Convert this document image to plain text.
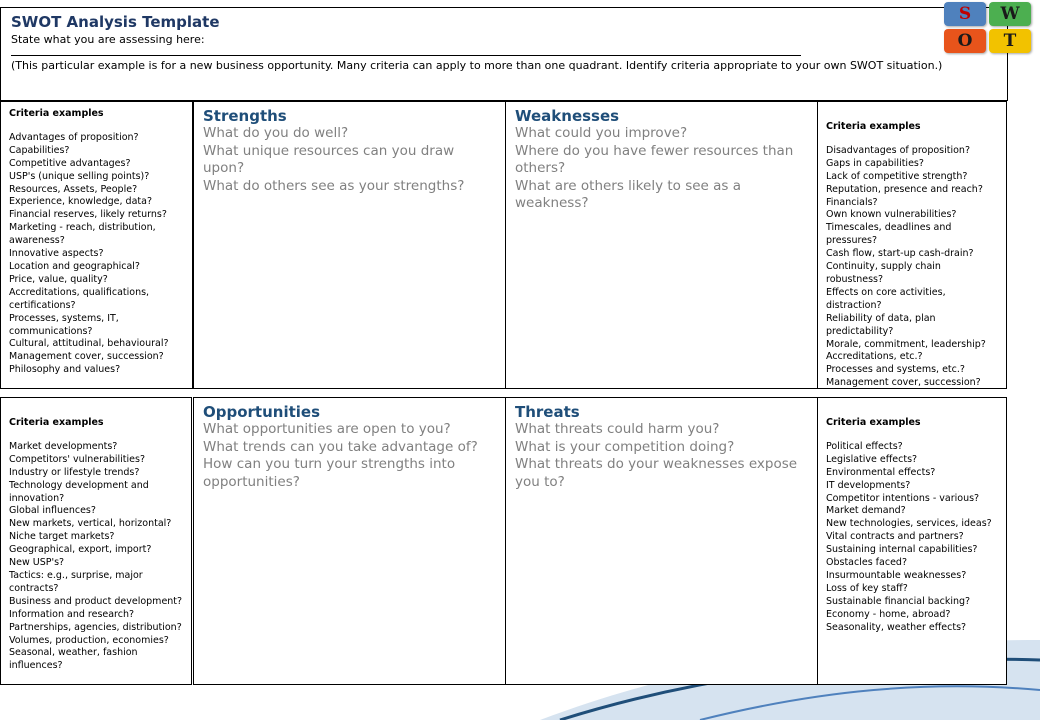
SWOT Analysis Template
State what you are assessing here:
(This particular example is for a new business opportunity. Many criteria can apply to more than one quadrant. Identify criteria appropriate to your own SWOT situation.)
S	W
O	T
Criteria examples
Advantages of proposition?
Capabilities?
Competitive advantages?
USP's (unique selling points)?
Resources, Assets, People?
Experience, knowledge, data?
Financial reserves, likely returns?
Marketing - reach, distribution, awareness?
Innovative aspects?
Location and geographical?
Price, value, quality?
Accreditations, qualifications, certifications?
Processes, systems, IT, communications?
Cultural, attitudinal, behavioural?
Management cover, succession?
Philosophy and values?
Strengths
What do you do well?
What unique resources can you draw upon?
What do others see as your strengths?
Weaknesses
What could you improve?
Where do you have fewer resources than others?
What are others likely to see as a weakness?
Criteria examples
Disadvantages of proposition?
Gaps in capabilities?
Lack of competitive strength?
Reputation, presence and reach?
Financials?
Own known vulnerabilities?
Timescales, deadlines and pressures?
Cash flow, start-up cash-drain?
Continuity, supply chain robustness?
Effects on core activities, distraction?
Reliability of data, plan predictability?
Morale, commitment, leadership?
Accreditations, etc.?
Processes and systems, etc.?
Management cover, succession?
Criteria examples
Market developments?
Competitors' vulnerabilities?
Industry or lifestyle trends?
Technology development and innovation?
Global influences?
New markets, vertical, horizontal?
Niche target markets?
Geographical, export, import?
New USP's?
Tactics: e.g., surprise, major contracts?
Business and product development?
Information and research?
Partnerships, agencies, distribution?
Volumes, production, economies?
Seasonal, weather, fashion influences?
Opportunities
What opportunities are open to you?
What trends can you take advantage of?
How can you turn your strengths into opportunities?
Threats
What threats could harm you?
What is your competition doing?
What threats do your weaknesses expose you to?
Criteria examples
Political effects?
Legislative effects?
Environmental effects?
IT developments?
Competitor intentions - various?
Market demand?
New technologies, services, ideas?
Vital contracts and partners?
Sustaining internal capabilities?
Obstacles faced?
Insurmountable weaknesses?
Loss of key staff?
Sustainable financial backing?
Economy - home, abroad?
Seasonality, weather effects?
